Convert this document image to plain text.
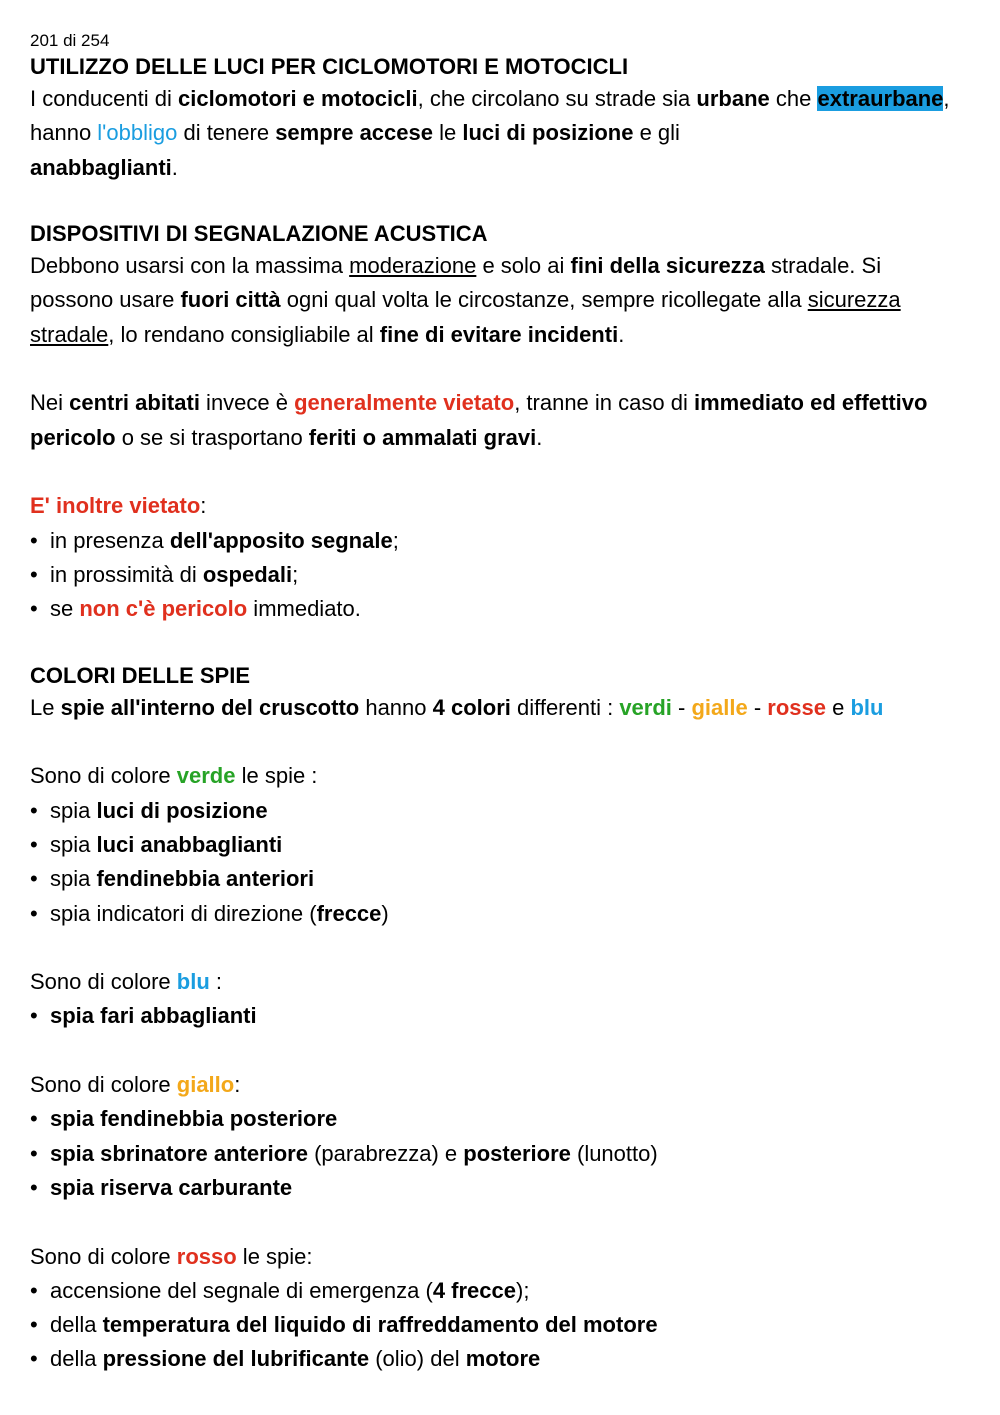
201 di 254
UTILIZZO DELLE LUCI PER CICLOMOTORI E MOTOCICLI
I conducenti di ciclomotori e motocicli, che circolano su strade sia urbane che extraurbane, hanno l'obbligo di tenere sempre accese le luci di posizione e gli
anabbaglianti.
DISPOSITIVI DI SEGNALAZIONE ACUSTICA
Debbono usarsi con la massima moderazione e solo ai fini della sicurezza stradale. Si possono usare fuori città ogni qual volta le circostanze, sempre ricollegate alla sicurezza stradale, lo rendano consigliabile al fine di evitare incidenti.
Nei centri abitati invece è generalmente vietato, tranne in caso di immediato ed effettivo pericolo o se si trasportano feriti o ammalati gravi.
E' inoltre vietato:
• in presenza dell'apposito segnale;
• in prossimità di ospedali;
• se non c'è pericolo immediato.
COLORI DELLE SPIE
Le spie all'interno del cruscotto hanno 4 colori differenti : verdi - gialle - rosse e blu
Sono di colore verde le spie :
• spia luci di posizione
• spia luci anabbaglianti
• spia fendinebbia anteriori
• spia indicatori di direzione (frecce)
Sono di colore blu :
• spia fari abbaglianti
Sono di colore giallo:
• spia fendinebbia posteriore
• spia sbrinatore anteriore (parabrezza) e posteriore (lunotto)
• spia riserva carburante
Sono di colore rosso le spie:
• accensione del segnale di emergenza (4 frecce);
• della temperatura del liquido di raffreddamento del motore
• della pressione del lubrificante (olio) del motore
